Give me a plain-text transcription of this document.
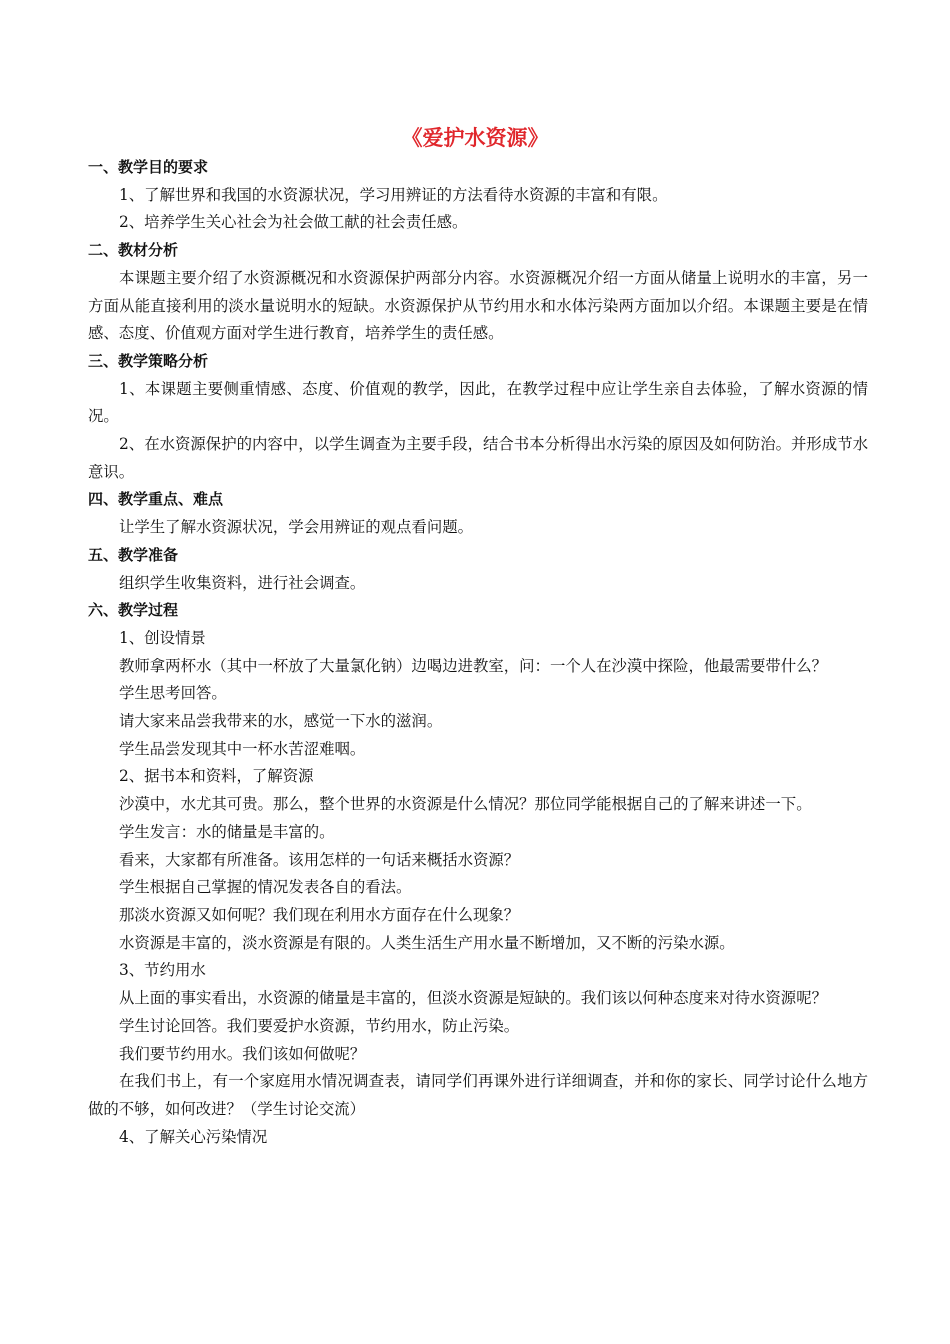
《爱护水资源》

一、教学目的要求

1、了解世界和我国的水资源状况，学习用辨证的方法看待水资源的丰富和有限。

2、培养学生关心社会为社会做工献的社会责任感。

二、教材分析

本课题主要介绍了水资源概况和水资源保护两部分内容。水资源概况介绍一方面从储量上说明水的丰富，另一方面从能直接利用的淡水量说明水的短缺。水资源保护从节约用水和水体污染两方面加以介绍。本课题主要是在情感、态度、价值观方面对学生进行教育，培养学生的责任感。

三、教学策略分析

1、本课题主要侧重情感、态度、价值观的教学，因此，在教学过程中应让学生亲自去体验，了解水资源的情况。

2、在水资源保护的内容中，以学生调查为主要手段，结合书本分析得出水污染的原因及如何防治。并形成节水意识。

四、教学重点、难点

让学生了解水资源状况，学会用辨证的观点看问题。

五、教学准备

组织学生收集资料，进行社会调查。

六、教学过程

1、创设情景

教师拿两杯水（其中一杯放了大量氯化钠）边喝边进教室，问：一个人在沙漠中探险，他最需要带什么？

学生思考回答。

请大家来品尝我带来的水，感觉一下水的滋润。

学生品尝发现其中一杯水苦涩难咽。

2、据书本和资料，了解资源

沙漠中，水尤其可贵。那么，整个世界的水资源是什么情况？那位同学能根据自己的了解来讲述一下。

学生发言：水的储量是丰富的。

看来，大家都有所准备。该用怎样的一句话来概括水资源？

学生根据自己掌握的情况发表各自的看法。

那淡水资源又如何呢？我们现在利用水方面存在什么现象？

水资源是丰富的，淡水资源是有限的。人类生活生产用水量不断增加，又不断的污染水源。

3、节约用水

从上面的事实看出，水资源的储量是丰富的，但淡水资源是短缺的。我们该以何种态度来对待水资源呢？

学生讨论回答。我们要爱护水资源，节约用水，防止污染。

我们要节约用水。我们该如何做呢？

在我们书上，有一个家庭用水情况调查表，请同学们再课外进行详细调查，并和你的家长、同学讨论什么地方做的不够，如何改进？（学生讨论交流）

4、了解关心污染情况
